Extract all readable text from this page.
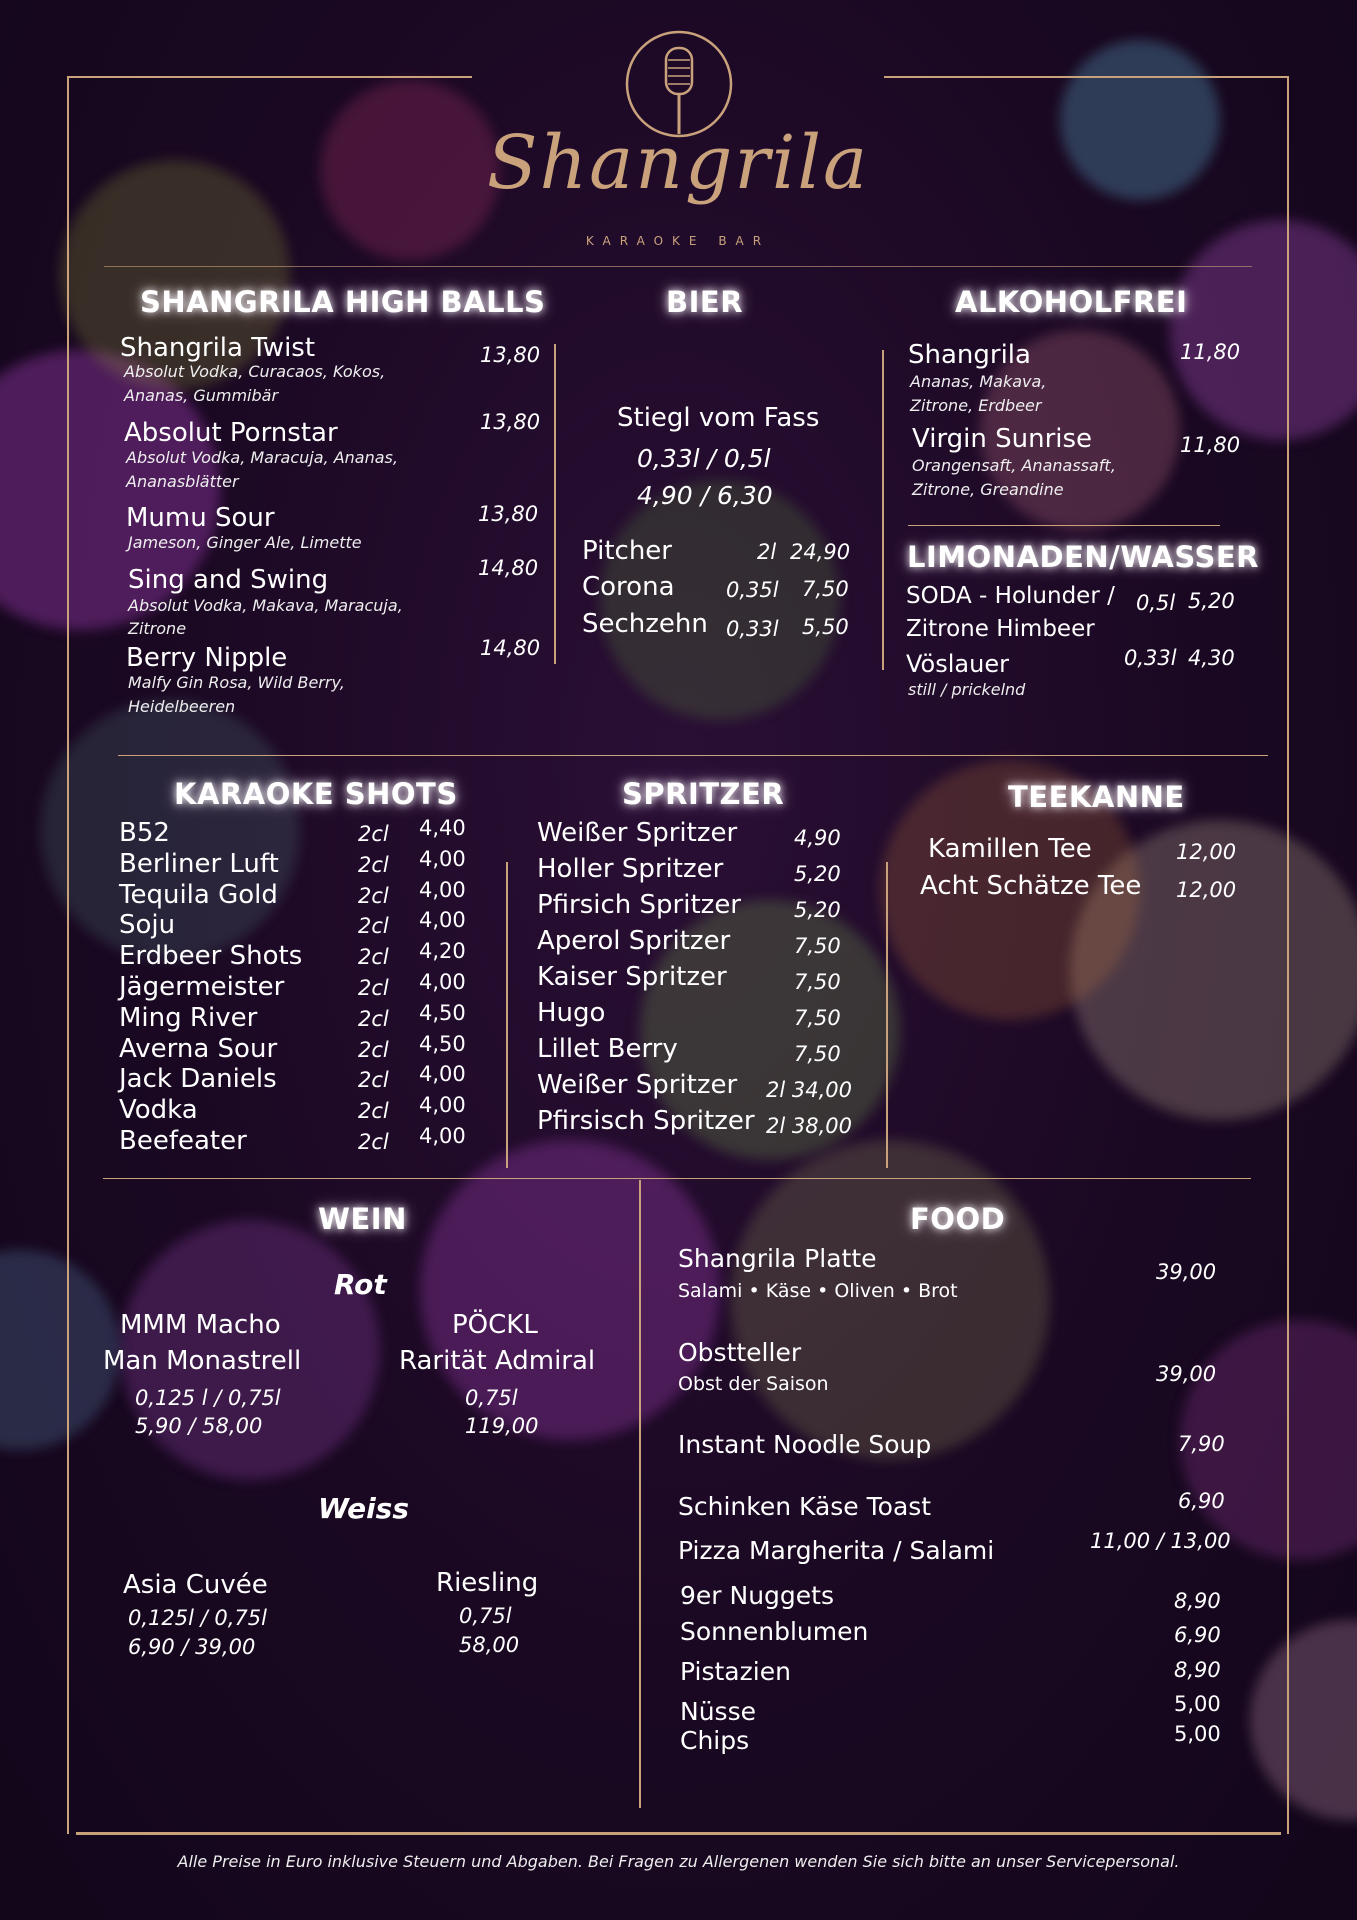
Shangrila
KARAOKE BAR
SHANGRILA HIGH BALLS
Shangrila Twist
Absolut Vodka, Curacaos, Kokos,
Ananas, Gummibär
13,80
Absolut Pornstar
Absolut Vodka, Maracuja, Ananas,
Ananasblätter
13,80
Mumu Sour
Jameson, Ginger Ale, Limette
13,80
Sing and Swing
Absolut Vodka, Makava, Maracuja,
Zitrone
14,80
Berry Nipple
Malfy Gin Rosa, Wild Berry,
Heidelbeeren
14,80
BIER
Stiegl vom Fass
0,33l / 0,5l
4,90 / 6,30
Pitcher	2l 24,90
Corona 0,35l 7,50
Sechzehn 0,33l 5,50
ALKOHOLFREI
Shangrila
Ananas, Makava,
Zitrone, Erdbeer
11,80
Virgin Sunrise
Orangensaft, Ananassaft,
Zitrone, Greandine
11,80
LIMONADEN/WASSER
SODA - Holunder /
Zitrone Himbeer
0,5l 5,20
Vöslauer
still / prickelnd
0,33l 4,30
KARAOKE SHOTS
B52	2cl 4,40
Berliner Luft	2cl 4,00
Tequila Gold	2cl 4,00
Soju	2cl 4,00
Erdbeer Shots	2cl 4,20
Jägermeister	2cl 4,00
Ming River	2cl 4,50
Averna Sour	2cl 4,50
Jack Daniels	2cl 4,00
Vodka	2cl 4,00
Beefeater	2cl 4,00
SPRITZER
Weißer Spritzer	4,90
Holler Spritzer	5,20
Pfirsich Spritzer	5,20
Aperol Spritzer	7,50
Kaiser Spritzer	7,50
Hugo	7,50
Lillet Berry	7,50
Weißer Spritzer 2l 34,00
Pfirsisch Spritzer 2l 38,00
TEEKANNE
Kamillen Tee	12,00
Acht Schätze Tee 12,00
WEIN
Rot
MMM Macho
Man Monastrell
0,125 l / 0,75l
5,90 / 58,00
PÖCKL
Rarität Admiral
0,75l
119,00
Weiss
Asia Cuvée
0,125l / 0,75l
6,90 / 39,00
Riesling
0,75l
58,00
FOOD
Shangrila Platte
Salami • Käse • Oliven • Brot
39,00
Obstteller
Obst der Saison	39,00
Instant Noodle Soup	7,90
Schinken Käse Toast	6,90
Pizza Margherita / Salami	11,00 / 13,00
9er Nuggets	8,90
Sonnenblumen	6,90
Pistazien	8,90
Nüsse	5,00
Chips	5,00
Alle Preise in Euro inklusive Steuern und Abgaben. Bei Fragen zu Allergenen wenden Sie sich bitte an unser Servicepersonal.
